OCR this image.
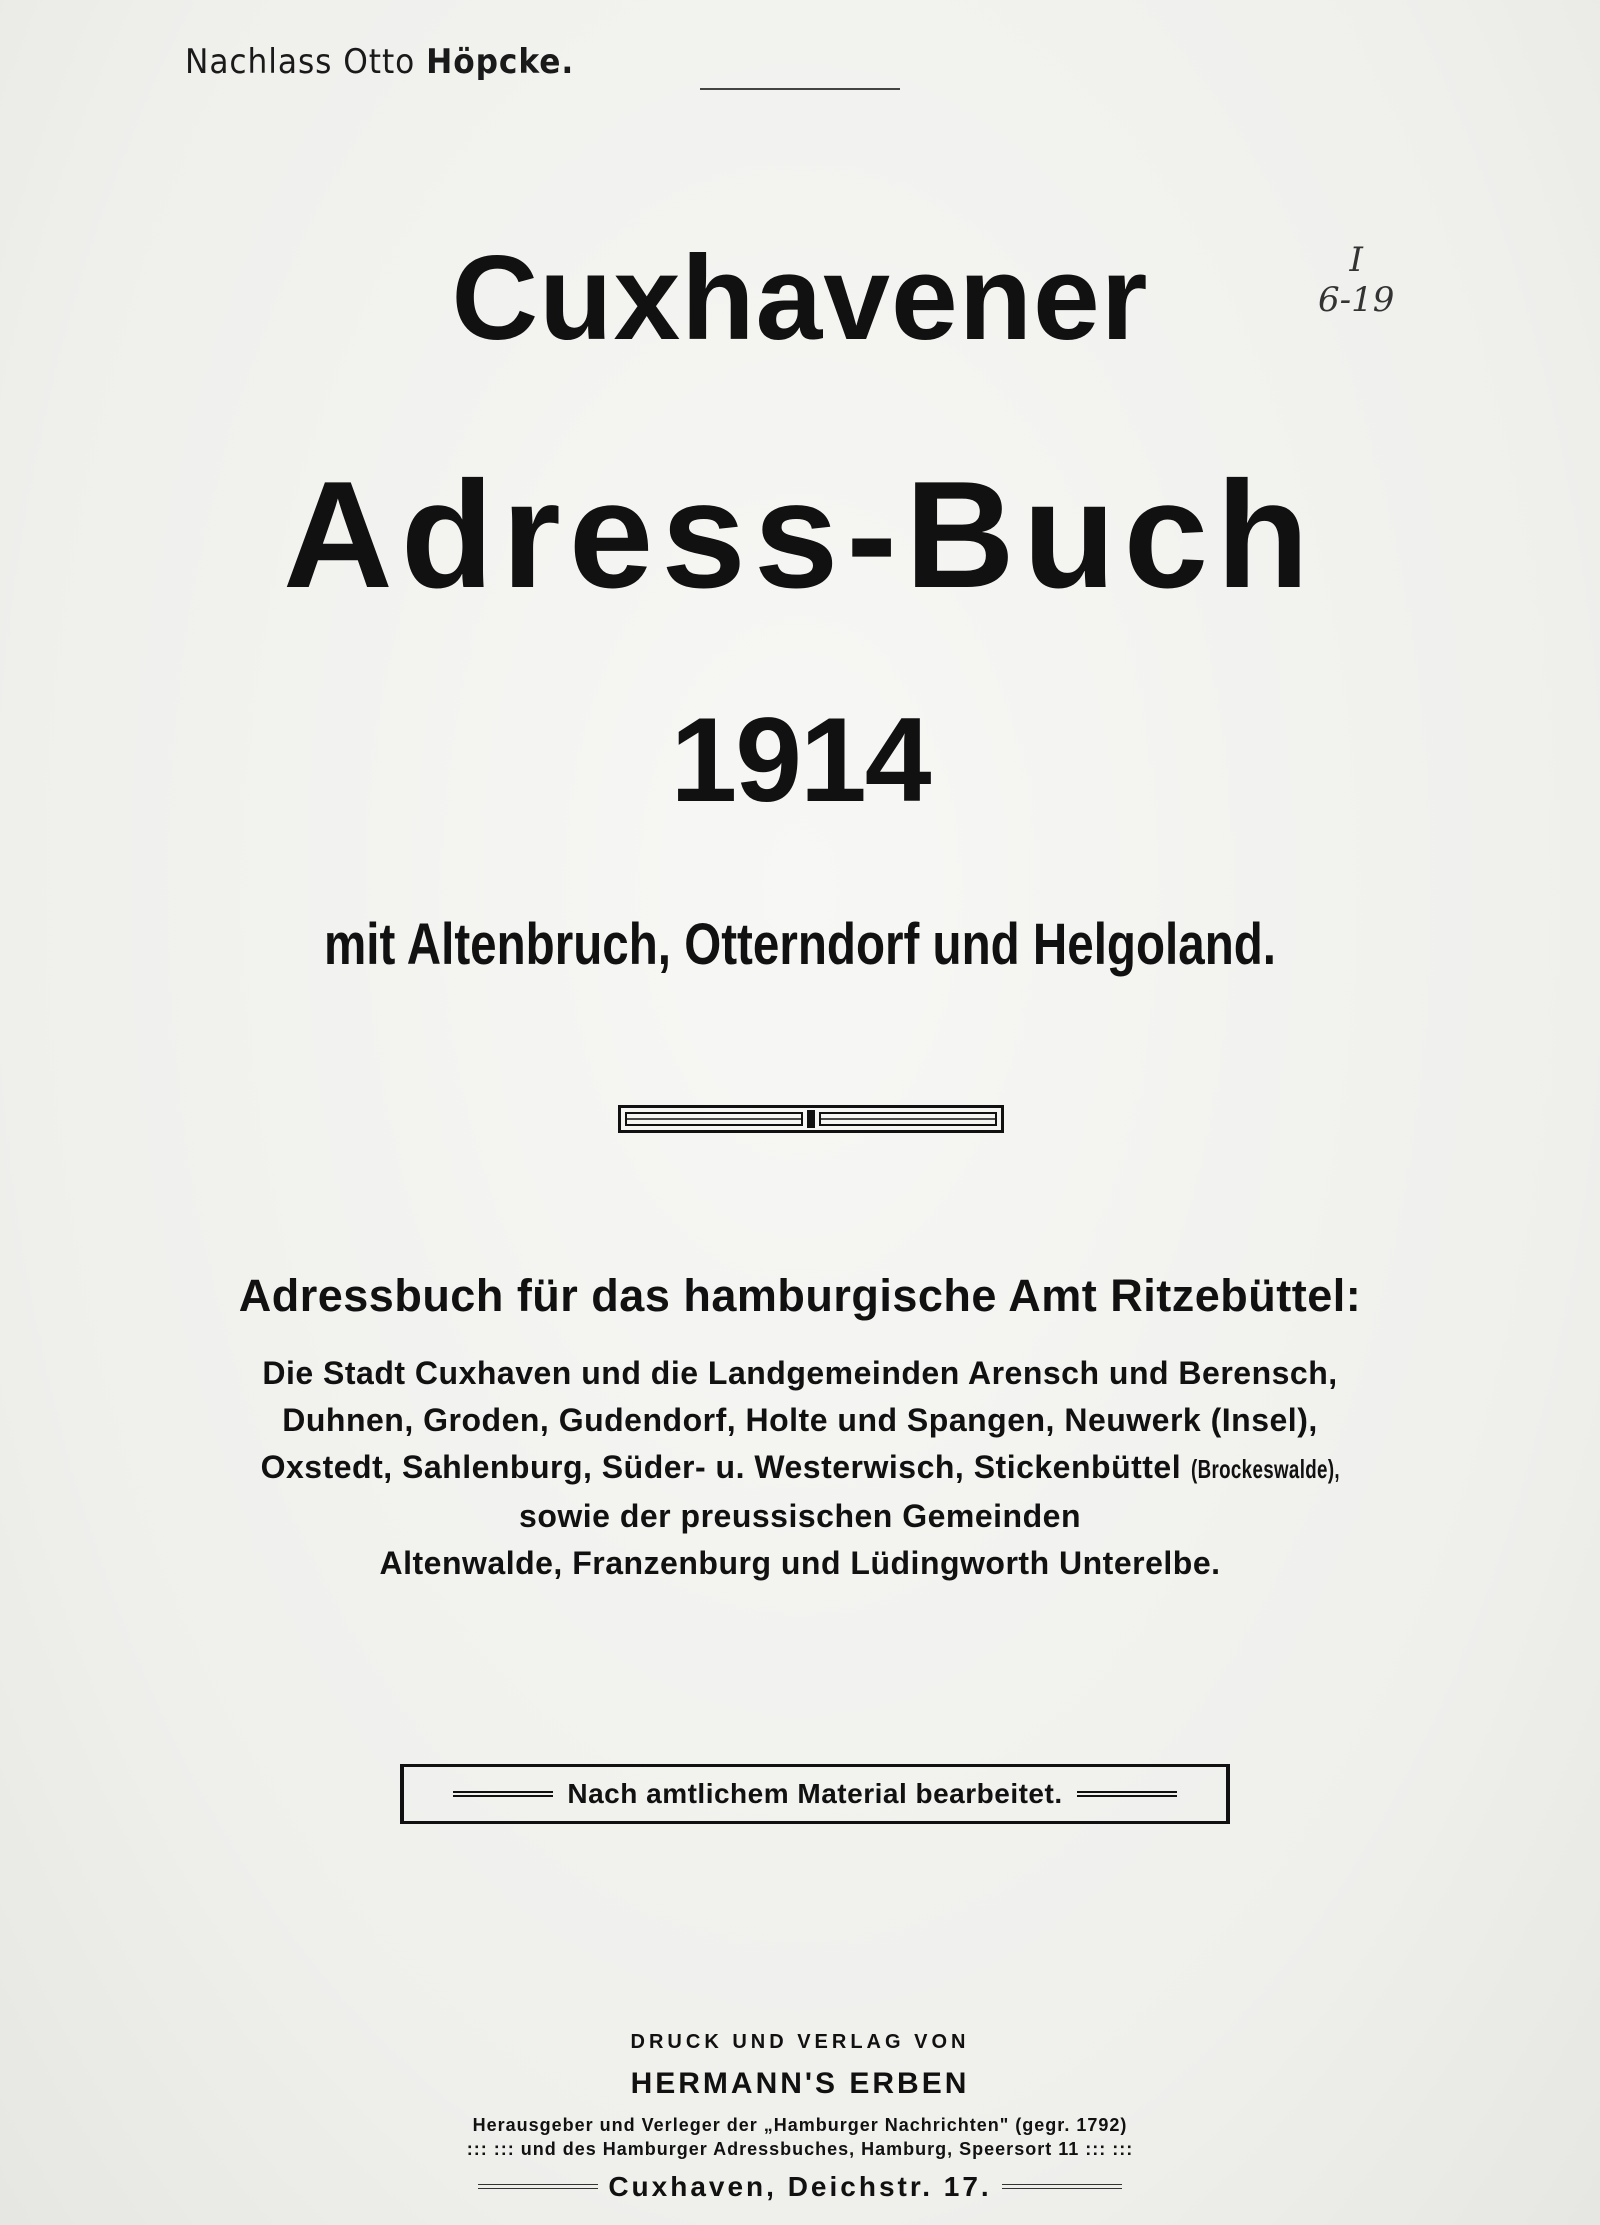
Nachlass Otto Höpcke.
I
6-19
Cuxhavener
Adress-Buch
1914
mit Altenbruch, Otterndorf und Helgoland.
Adressbuch für das hamburgische Amt Ritzebüttel:
Die Stadt Cuxhaven und die Landgemeinden Arensch und Berensch,
Duhnen, Groden, Gudendorf, Holte und Spangen, Neuwerk (Insel),
Oxstedt, Sahlenburg, Süder- u. Westerwisch, Stickenbüttel (Brockeswalde),
sowie der preussischen Gemeinden
Altenwalde, Franzenburg und Lüdingworth Unterelbe.
Nach amtlichem Material bearbeitet.
DRUCK UND VERLAG VON
HERMANN'S ERBEN
Herausgeber und Verleger der „Hamburger Nachrichten" (gegr. 1792)
::: ::: und des Hamburger Adressbuches, Hamburg, Speersort 11 ::: :::
Cuxhaven, Deichstr. 17.
